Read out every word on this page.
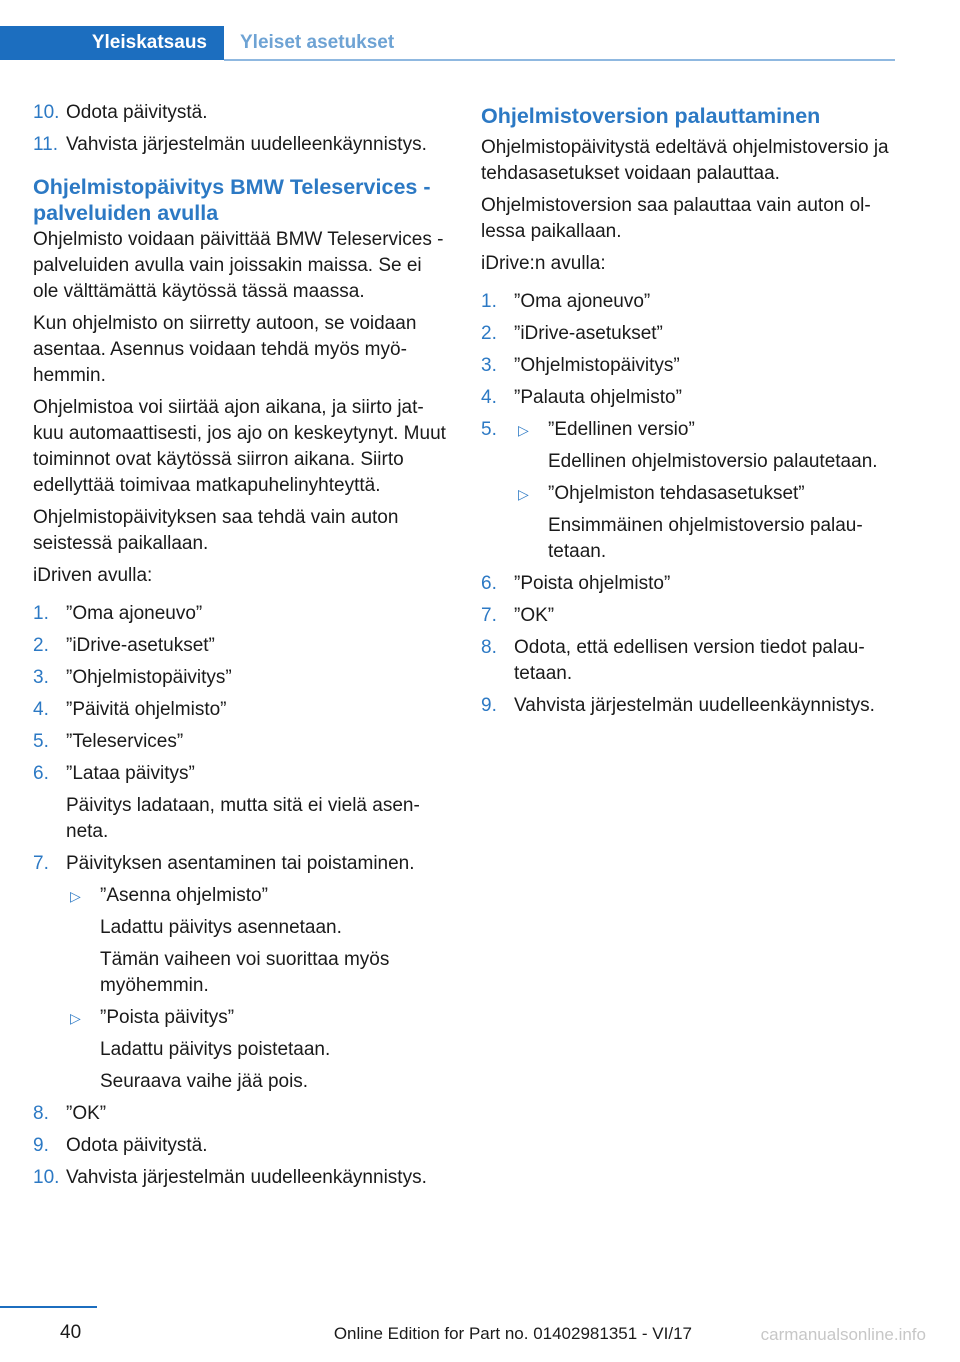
Yleiskatsaus	Yleiset asetukset
10. Odota päivitystä.
11. Vahvista järjestelmän uudelleenkäynnistys.
Ohjelmistopäivitys BMW Teleservices -palveluiden avulla
Ohjelmisto voidaan päivittää BMW Teleservices -palveluiden avulla vain joissakin maissa. Se ei ole välttämättä käytössä tässä maassa.
Kun ohjelmisto on siirretty autoon, se voidaan asentaa. Asennus voidaan tehdä myös myöhemmin.
Ohjelmistoa voi siirtää ajon aikana, ja siirto jatkuu automaattisesti, jos ajo on keskeytynyt. Muut toiminnot ovat käytössä siirron aikana. Siirto edellyttää toimivaa matkapuhelinyhteyttä.
Ohjelmistopäivityksen saa tehdä vain auton seistessä paikallaan.
iDriven avulla:
1. ”Oma ajoneuvo”
2. ”iDrive-asetukset”
3. ”Ohjelmistopäivitys”
4. ”Päivitä ohjelmisto”
5. ”Teleservices”
6. ”Lataa päivitys”
Päivitys ladataan, mutta sitä ei vielä asenneta.
7. Päivityksen asentaminen tai poistaminen.
▷ ”Asenna ohjelmisto”
Ladattu päivitys asennetaan.
Tämän vaiheen voi suorittaa myös myöhemmin.
▷ ”Poista päivitys”
Ladattu päivitys poistetaan.
Seuraava vaihe jää pois.
8. ”OK”
9. Odota päivitystä.
10. Vahvista järjestelmän uudelleenkäynnistys.
Ohjelmistoversion palauttaminen
Ohjelmistopäivitystä edeltävä ohjelmistoversio ja tehdasasetukset voidaan palauttaa.
Ohjelmistoversion saa palauttaa vain auton ollessa paikallaan.
iDrive:n avulla:
1. ”Oma ajoneuvo”
2. ”iDrive-asetukset”
3. ”Ohjelmistopäivitys”
4. ”Palauta ohjelmisto”
5. ▷ ”Edellinen versio”
Edellinen ohjelmistoversio palautetaan.
▷ ”Ohjelmiston tehdasasetukset”
Ensimmäinen ohjelmistoversio palautetaan.
6. ”Poista ohjelmisto”
7. ”OK”
8. Odota, että edellisen version tiedot palautetaan.
9. Vahvista järjestelmän uudelleenkäynnistys.
40	Online Edition for Part no. 01402981351 - VI/17	carmanualsonline.info
